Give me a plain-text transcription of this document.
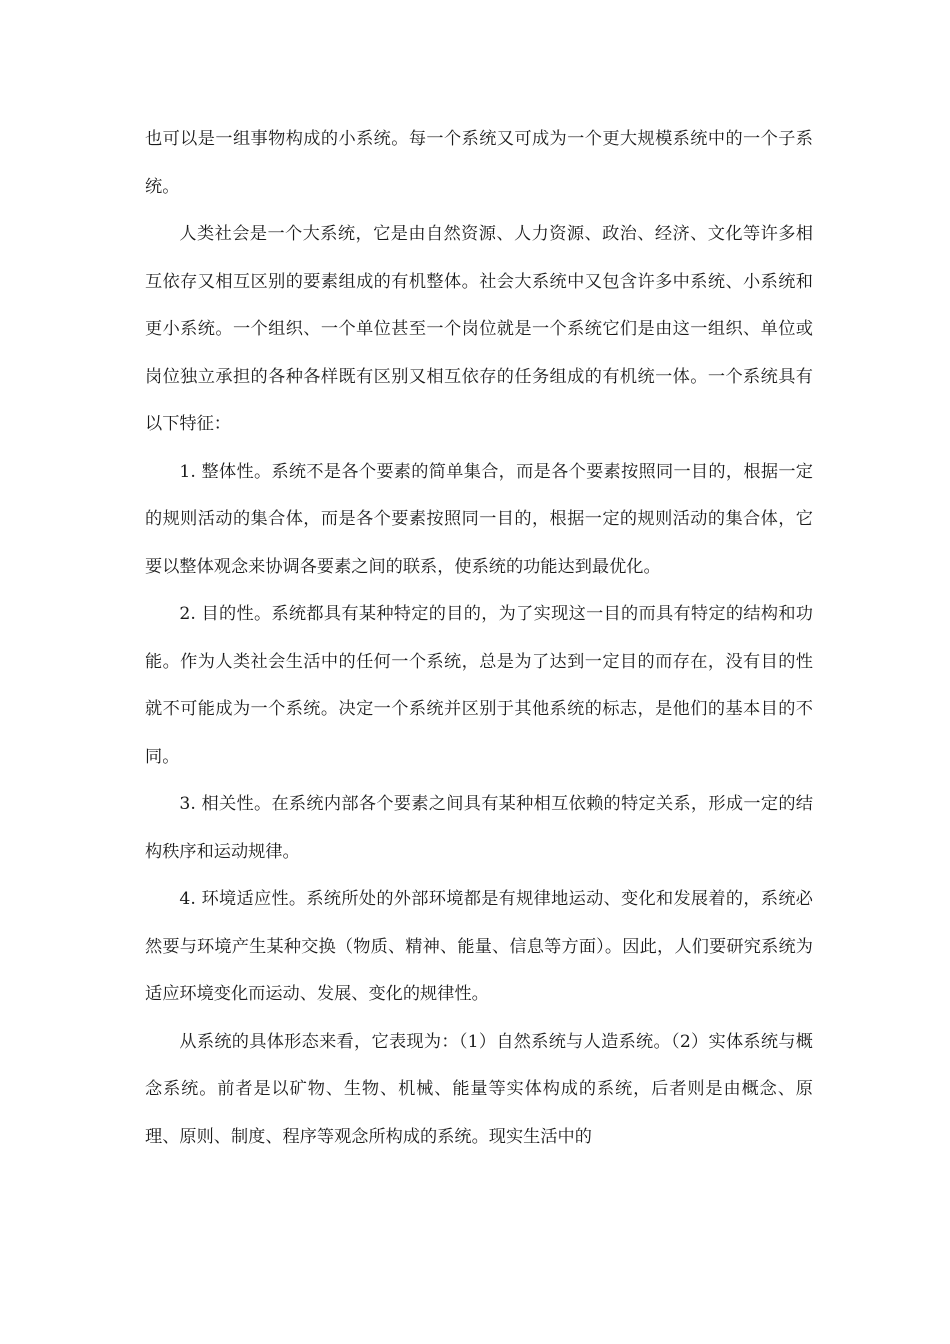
也可以是一组事物构成的小系统。每一个系统又可成为一个更大规模系统中的一个子系统。

人类社会是一个大系统，它是由自然资源、人力资源、政治、经济、文化等许多相互依存又相互区别的要素组成的有机整体。社会大系统中又包含许多中系统、小系统和更小系统。一个组织、一个单位甚至一个岗位就是一个系统它们是由这一组织、单位或岗位独立承担的各种各样既有区别又相互依存的任务组成的有机统一体。一个系统具有以下特征：

1. 整体性。系统不是各个要素的简单集合，而是各个要素按照同一目的，根据一定的规则活动的集合体，而是各个要素按照同一目的，根据一定的规则活动的集合体，它要以整体观念来协调各要素之间的联系，使系统的功能达到最优化。

2. 目的性。系统都具有某种特定的目的，为了实现这一目的而具有特定的结构和功能。作为人类社会生活中的任何一个系统，总是为了达到一定目的而存在，没有目的性就不可能成为一个系统。决定一个系统并区别于其他系统的标志，是他们的基本目的不同。

3. 相关性。在系统内部各个要素之间具有某种相互依赖的特定关系，形成一定的结构秩序和运动规律。

4. 环境适应性。系统所处的外部环境都是有规律地运动、变化和发展着的，系统必然要与环境产生某种交换（物质、精神、能量、信息等方面）。因此，人们要研究系统为适应环境变化而运动、发展、变化的规律性。

从系统的具体形态来看，它表现为：（1）自然系统与人造系统。（2）实体系统与概念系统。前者是以矿物、生物、机械、能量等实体构成的系统，后者则是由概念、原理、原则、制度、程序等观念所构成的系统。现实生活中的
